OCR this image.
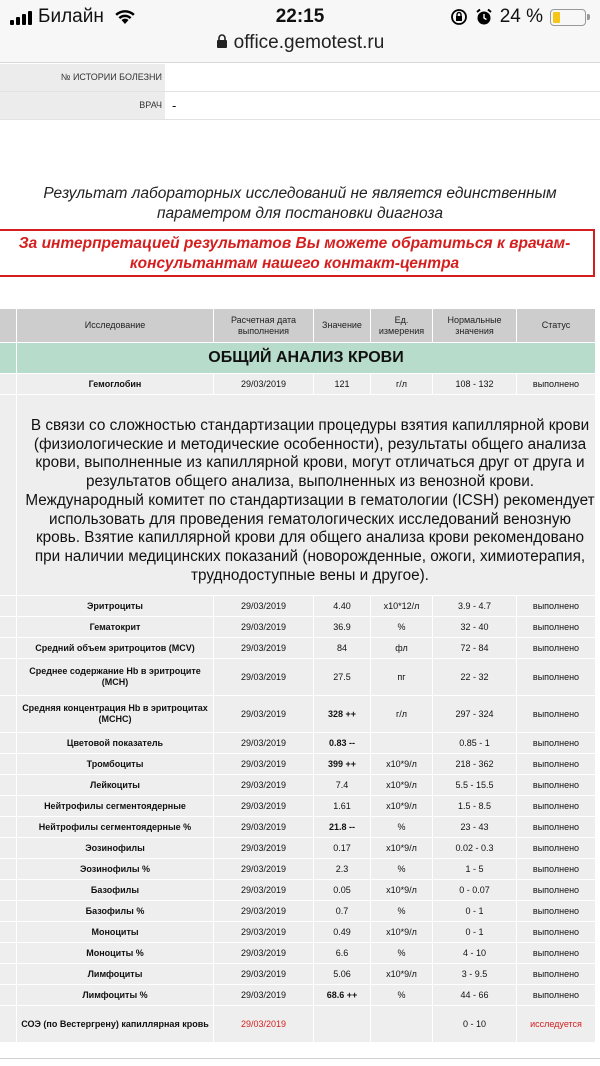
Билайн	22:15	24 %
office.gemotest.ru
№ ИСТОРИИ БОЛЕЗНИ
ВРАЧ -
Результат лабораторных исследований не является единственным параметром для постановки диагноза
За интерпретацией результатов Вы можете обратиться к врачам-консультантам нашего контакт-центра
	Исследование	Расчетная дата выполнения	Значение	Ед. измерения	Нормальные значения	Статус
	ОБЩИЙ АНАЛИЗ КРОВИ					
	Гемоглобин	29/03/2019	121	г/л	108 - 132	выполнено
	В связи со сложностью стандартизации процедуры взятия капиллярной крови (физиологические и методические особенности), результаты общего анализа крови, выполненные из капиллярной крови, могут отличаться друг от друга и результатов общего анализа, выполненных из венозной крови. Международный комитет по стандартизации в гематологии (ICSH) рекомендует использовать для проведения гематологических исследований венозную кровь. Взятие капиллярной крови для общего анализа крови рекомендовано при наличии медицинских показаний (новорожденные, ожоги, химиотерапия, труднодоступные вены и другое).					
	Эритроциты	29/03/2019	4.40	x10*12/л	3.9 - 4.7	выполнено
	Гематокрит	29/03/2019	36.9	%	32 - 40	выполнено
	Средний объем эритроцитов (MCV)	29/03/2019	84	фл	72 - 84	выполнено
	Среднее содержание Hb в эритроците (MCH)	29/03/2019	27.5	пг	22 - 32	выполнено
	Средняя концентрация Hb в эритроцитах (MCHC)	29/03/2019	328 ++	г/л	297 - 324	выполнено
	Цветовой показатель	29/03/2019	0.83 --		0.85 - 1	выполнено
	Тромбоциты	29/03/2019	399 ++	x10*9/л	218 - 362	выполнено
	Лейкоциты	29/03/2019	7.4	x10*9/л	5.5 - 15.5	выполнено
	Нейтрофилы сегментоядерные	29/03/2019	1.61	x10*9/л	1.5 - 8.5	выполнено
	Нейтрофилы сегментоядерные %	29/03/2019	21.8 --	%	23 - 43	выполнено
	Эозинофилы	29/03/2019	0.17	x10*9/л	0.02 - 0.3	выполнено
	Эозинофилы %	29/03/2019	2.3	%	1 - 5	выполнено
	Базофилы	29/03/2019	0.05	x10*9/л	0 - 0.07	выполнено
	Базофилы %	29/03/2019	0.7	%	0 - 1	выполнено
	Моноциты	29/03/2019	0.49	x10*9/л	0 - 1	выполнено
	Моноциты %	29/03/2019	6.6	%	4 - 10	выполнено
	Лимфоциты	29/03/2019	5.06	x10*9/л	3 - 9.5	выполнено
	Лимфоциты %	29/03/2019	68.6 ++	%	44 - 66	выполнено
	СОЭ (по Вестергрену) капиллярная кровь	29/03/2019			0 - 10	исследуется
